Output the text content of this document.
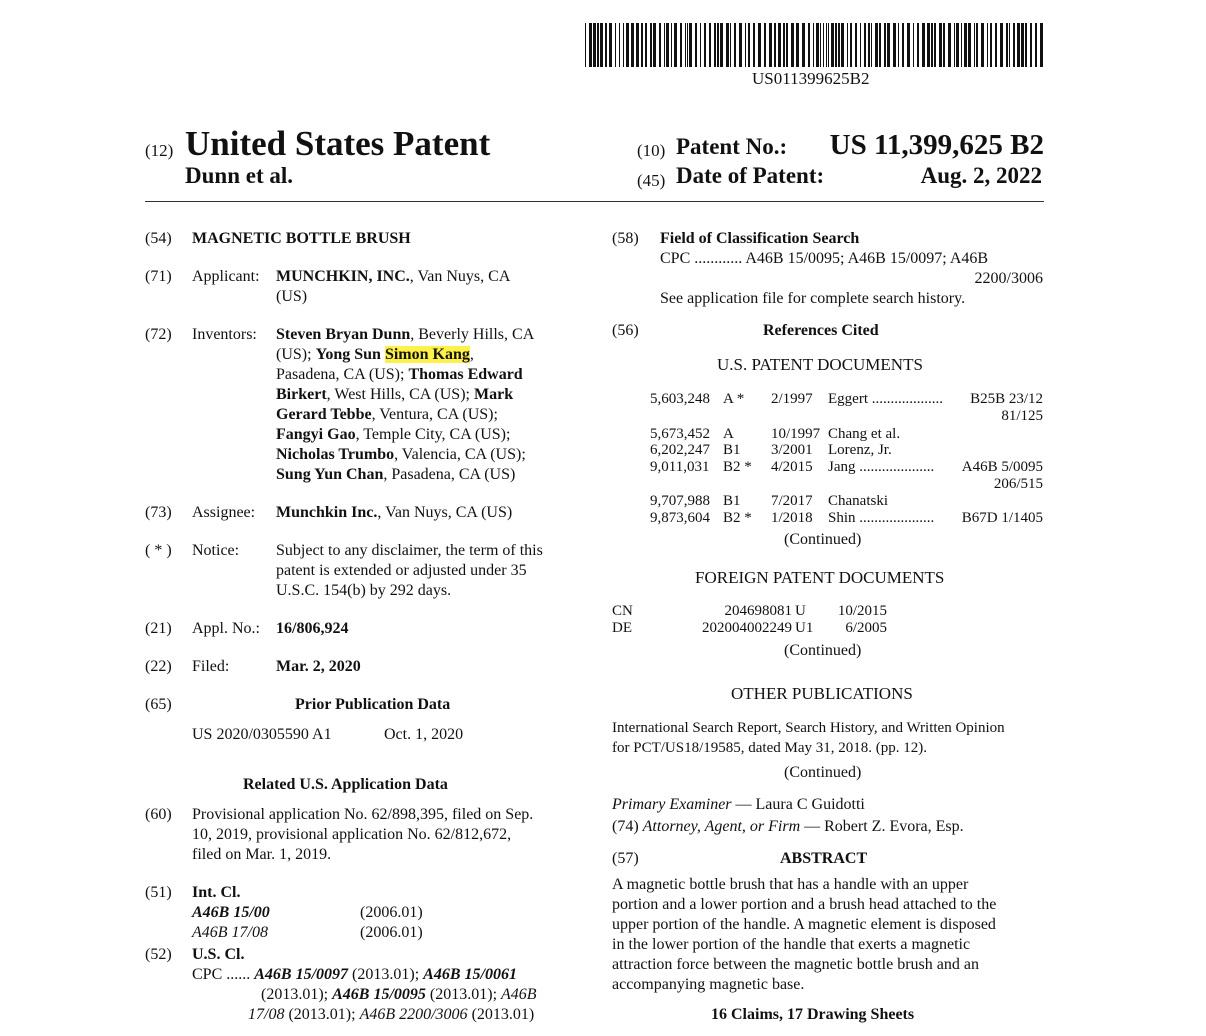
US011399625B2
(12) United States Patent
Dunn et al.
(10) Patent No.: US 11,399,625 B2
(45) Date of Patent:	Aug. 2, 2022
(54) MAGNETIC BOTTLE BRUSH
(71) Applicant: MUNCHKIN, INC., Van Nuys, CA
(US)
(72) Inventors: Steven Bryan Dunn, Beverly Hills, CA
(US); Yong Sun Simon Kang,
Pasadena, CA (US); Thomas Edward
Birkert, West Hills, CA (US); Mark
Gerard Tebbe, Ventura, CA (US);
Fangyi Gao, Temple City, CA (US);
Nicholas Trumbo, Valencia, CA (US);
Sung Yun Chan, Pasadena, CA (US)
(73) Assignee: Munchkin Inc., Van Nuys, CA (US)
( * ) Notice: Subject to any disclaimer, the term of this
patent is extended or adjusted under 35
U.S.C. 154(b) by 292 days.
(21) Appl. No.: 16/806,924
(22) Filed:	Mar. 2, 2020
(65)	Prior Publication Data
US 2020/0305590 A1	Oct. 1, 2020
Related U.S. Application Data
(60) Provisional application No. 62/898,395, filed on Sep.
10, 2019, provisional application No. 62/812,672,
filed on Mar. 1, 2019.
(51) Int. Cl.
A46B 15/00	(2006.01)
A46B 17/08	(2006.01)
(52) U.S. Cl.
CPC ...... A46B 15/0097 (2013.01); A46B 15/0061
(2013.01); A46B 15/0095 (2013.01); A46B
17/08 (2013.01); A46B 2200/3006 (2013.01)
(58) Field of Classification Search
CPC ............ A46B 15/0095; A46B 15/0097; A46B
2200/3006
See application file for complete search history.
(56)	References Cited
U.S. PATENT DOCUMENTS
5,603,248 A * 2/1997 Eggert ................... B25B 23/12
81/125
5,673,452 A 10/1997 Chang et al.
6,202,247 B1 3/2001 Lorenz, Jr.
9,011,031 B2 * 4/2015 Jang .................... A46B 5/0095
206/515
9,707,988 B1 7/2017 Chanatski
9,873,604 B2 * 1/2018 Shin .................... B67D 1/1405
(Continued)
FOREIGN PATENT DOCUMENTS
CN	204698081 U 10/2015
DE	202004002249 U1 6/2005
(Continued)
OTHER PUBLICATIONS
International Search Report, Search History, and Written Opinion
for PCT/US18/19585, dated May 31, 2018. (pp. 12).
(Continued)
Primary Examiner — Laura C Guidotti
(74) Attorney, Agent, or Firm — Robert Z. Evora, Esp.
(57)	ABSTRACT
A magnetic bottle brush that has a handle with an upper
portion and a lower portion and a brush head attached to the
upper portion of the handle. A magnetic element is disposed
in the lower portion of the handle that exerts a magnetic
attraction force between the magnetic bottle brush and an
accompanying magnetic base.
16 Claims, 17 Drawing Sheets
